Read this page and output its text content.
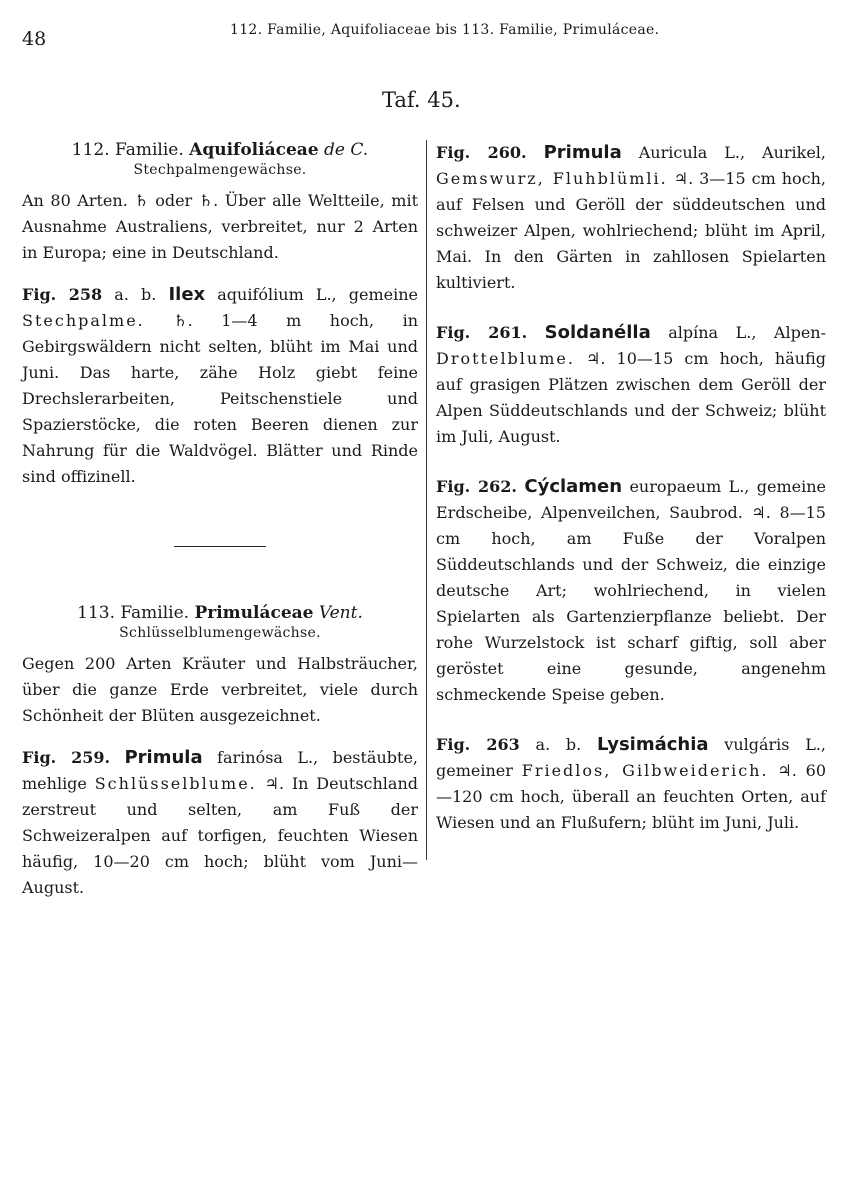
48	112. Familie, Aquifoliaceae bis 113. Familie, Primuláceae.
Taf. 45.
112. Familie. Aquifoliáceae de C.
Stechpalmengewächse.
An 80 Arten. ♄ oder ♄. Über alle Weltteile, mit Ausnahme Australiens, verbreitet, nur 2 Arten in Europa; eine in Deutschland.
Fig. 258 a. b. Ilex aquifólium L., gemeine Stechpalme. ♄. 1—4 m hoch, in Gebirgswäldern nicht selten, blüht im Mai und Juni. Das harte, zähe Holz giebt feine Drechslerarbeiten, Peitschenstiele und Spazierstöcke, die roten Beeren dienen zur Nahrung für die Waldvögel. Blätter und Rinde sind offizinell.
113. Familie. Primuláceae Vent.
Schlüsselblumengewächse.
Gegen 200 Arten Kräuter und Halbsträucher, über die ganze Erde verbreitet, viele durch Schönheit der Blüten ausgezeichnet.
Fig. 259. Primula farinósa L., bestäubte, mehlige Schlüsselblume. ♃. In Deutschland zerstreut und selten, am Fuß der Schweizeralpen auf torfigen, feuchten Wiesen häufig, 10—20 cm hoch; blüht vom Juni—August.
Fig. 260. Primula Auricula L., Aurikel, Gemswurz, Fluhblümli. ♃. 3—15 cm hoch, auf Felsen und Geröll der süddeutschen und schweizer Alpen, wohlriechend; blüht im April, Mai. In den Gärten in zahllosen Spielarten kultiviert.
Fig. 261. Soldanélla alpína L., Alpen- Drottelblume. ♃. 10—15 cm hoch, häufig auf grasigen Plätzen zwischen dem Geröll der Alpen Süddeutschlands und der Schweiz; blüht im Juli, August.
Fig. 262. Cýclamen europaeum L., gemeine Erdscheibe, Alpenveilchen, Saubrod. ♃. 8—15 cm hoch, am Fuße der Voralpen Süddeutschlands und der Schweiz, die einzige deutsche Art; wohlriechend, in vielen Spielarten als Gartenzierpflanze beliebt. Der rohe Wurzelstock ist scharf giftig, soll aber geröstet eine gesunde, angenehm schmeckende Speise geben.
Fig. 263 a. b. Lysimáchia vulgáris L., gemeiner Friedlos, Gilbweiderich. ♃. 60—120 cm hoch, überall an feuchten Orten, auf Wiesen und an Flußufern; blüht im Juni, Juli.
